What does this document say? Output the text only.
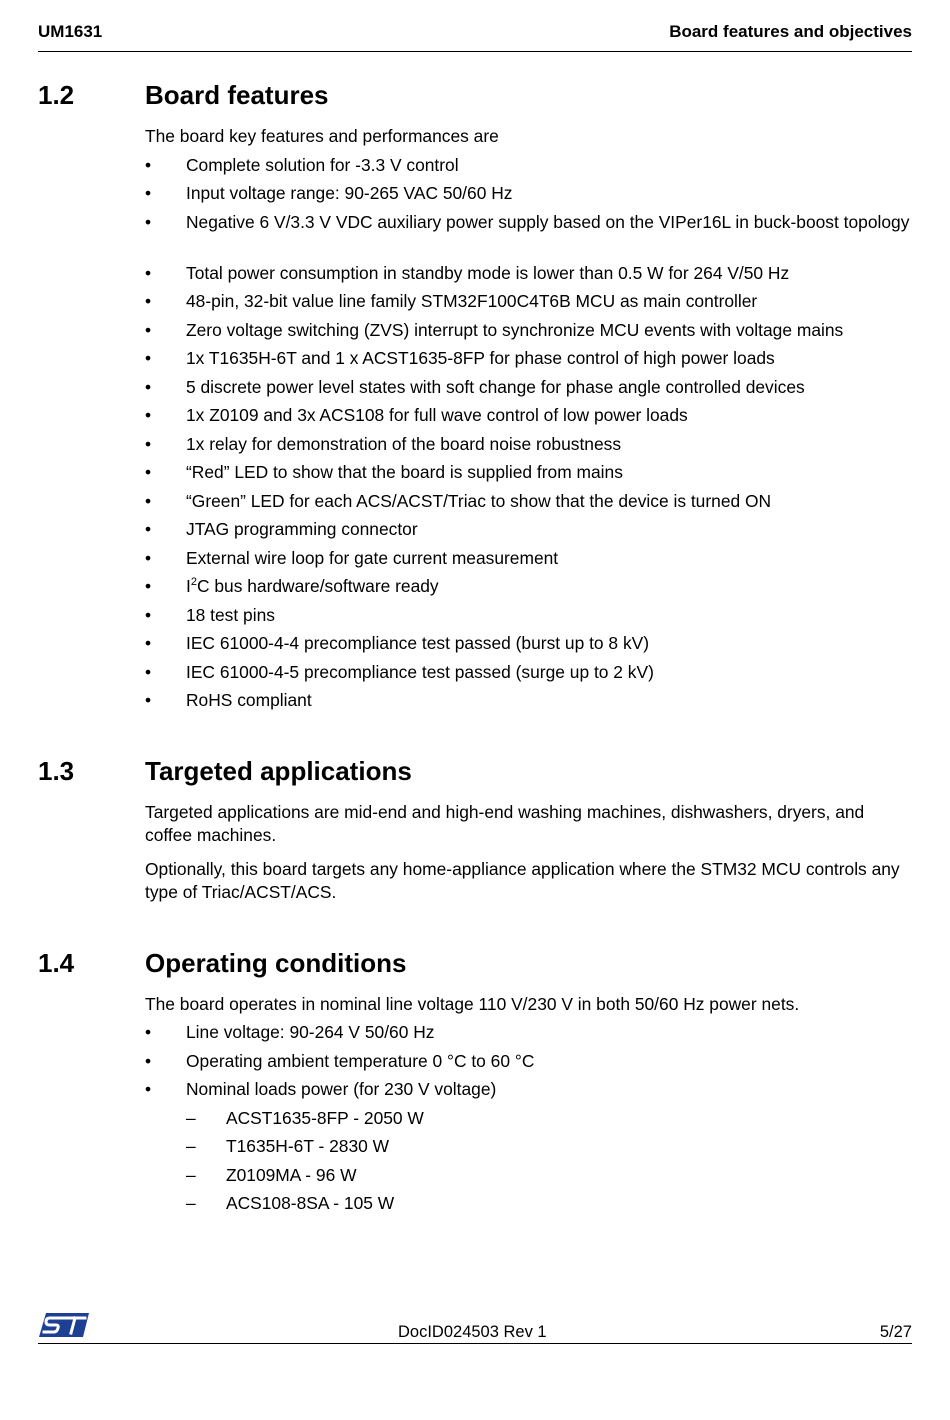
UM1631	Board features and objectives
1.2	Board features
The board key features and performances are
• Complete solution for -3.3 V control
• Input voltage range: 90-265 VAC 50/60 Hz
• Negative 6 V/3.3 V VDC auxiliary power supply based on the VIPer16L in buck-boost topology
• Total power consumption in standby mode is lower than 0.5 W for 264 V/50 Hz
• 48-pin, 32-bit value line family STM32F100C4T6B MCU as main controller
• Zero voltage switching (ZVS) interrupt to synchronize MCU events with voltage mains
• 1x T1635H-6T and 1 x ACST1635-8FP for phase control of high power loads
• 5 discrete power level states with soft change for phase angle controlled devices
• 1x Z0109 and 3x ACS108 for full wave control of low power loads
• 1x relay for demonstration of the board noise robustness
• “Red” LED to show that the board is supplied from mains
• “Green” LED for each ACS/ACST/Triac to show that the device is turned ON
• JTAG programming connector
• External wire loop for gate current measurement
• $I^2C$ bus hardware/software ready
• 18 test pins
• IEC 61000-4-4 precompliance test passed (burst up to 8 kV)
• IEC 61000-4-5 precompliance test passed (surge up to 2 kV)
• RoHS compliant
1.3	Targeted applications
Targeted applications are mid-end and high-end washing machines, dishwashers, dryers, and coffee machines.
Optionally, this board targets any home-appliance application where the STM32 MCU controls any type of Triac/ACST/ACS.
1.4	Operating conditions
The board operates in nominal line voltage 110 V/230 V in both 50/60 Hz power nets.
• Line voltage: 90-264 V 50/60 Hz
• Operating ambient temperature 0 °C to 60 °C
• Nominal loads power (for 230 V voltage)
– ACST1635-8FP - 2050 W
– T1635H-6T - 2830 W
– Z0109MA - 96 W
– ACS108-8SA - 105 W
DocID024503 Rev 1	5/27
